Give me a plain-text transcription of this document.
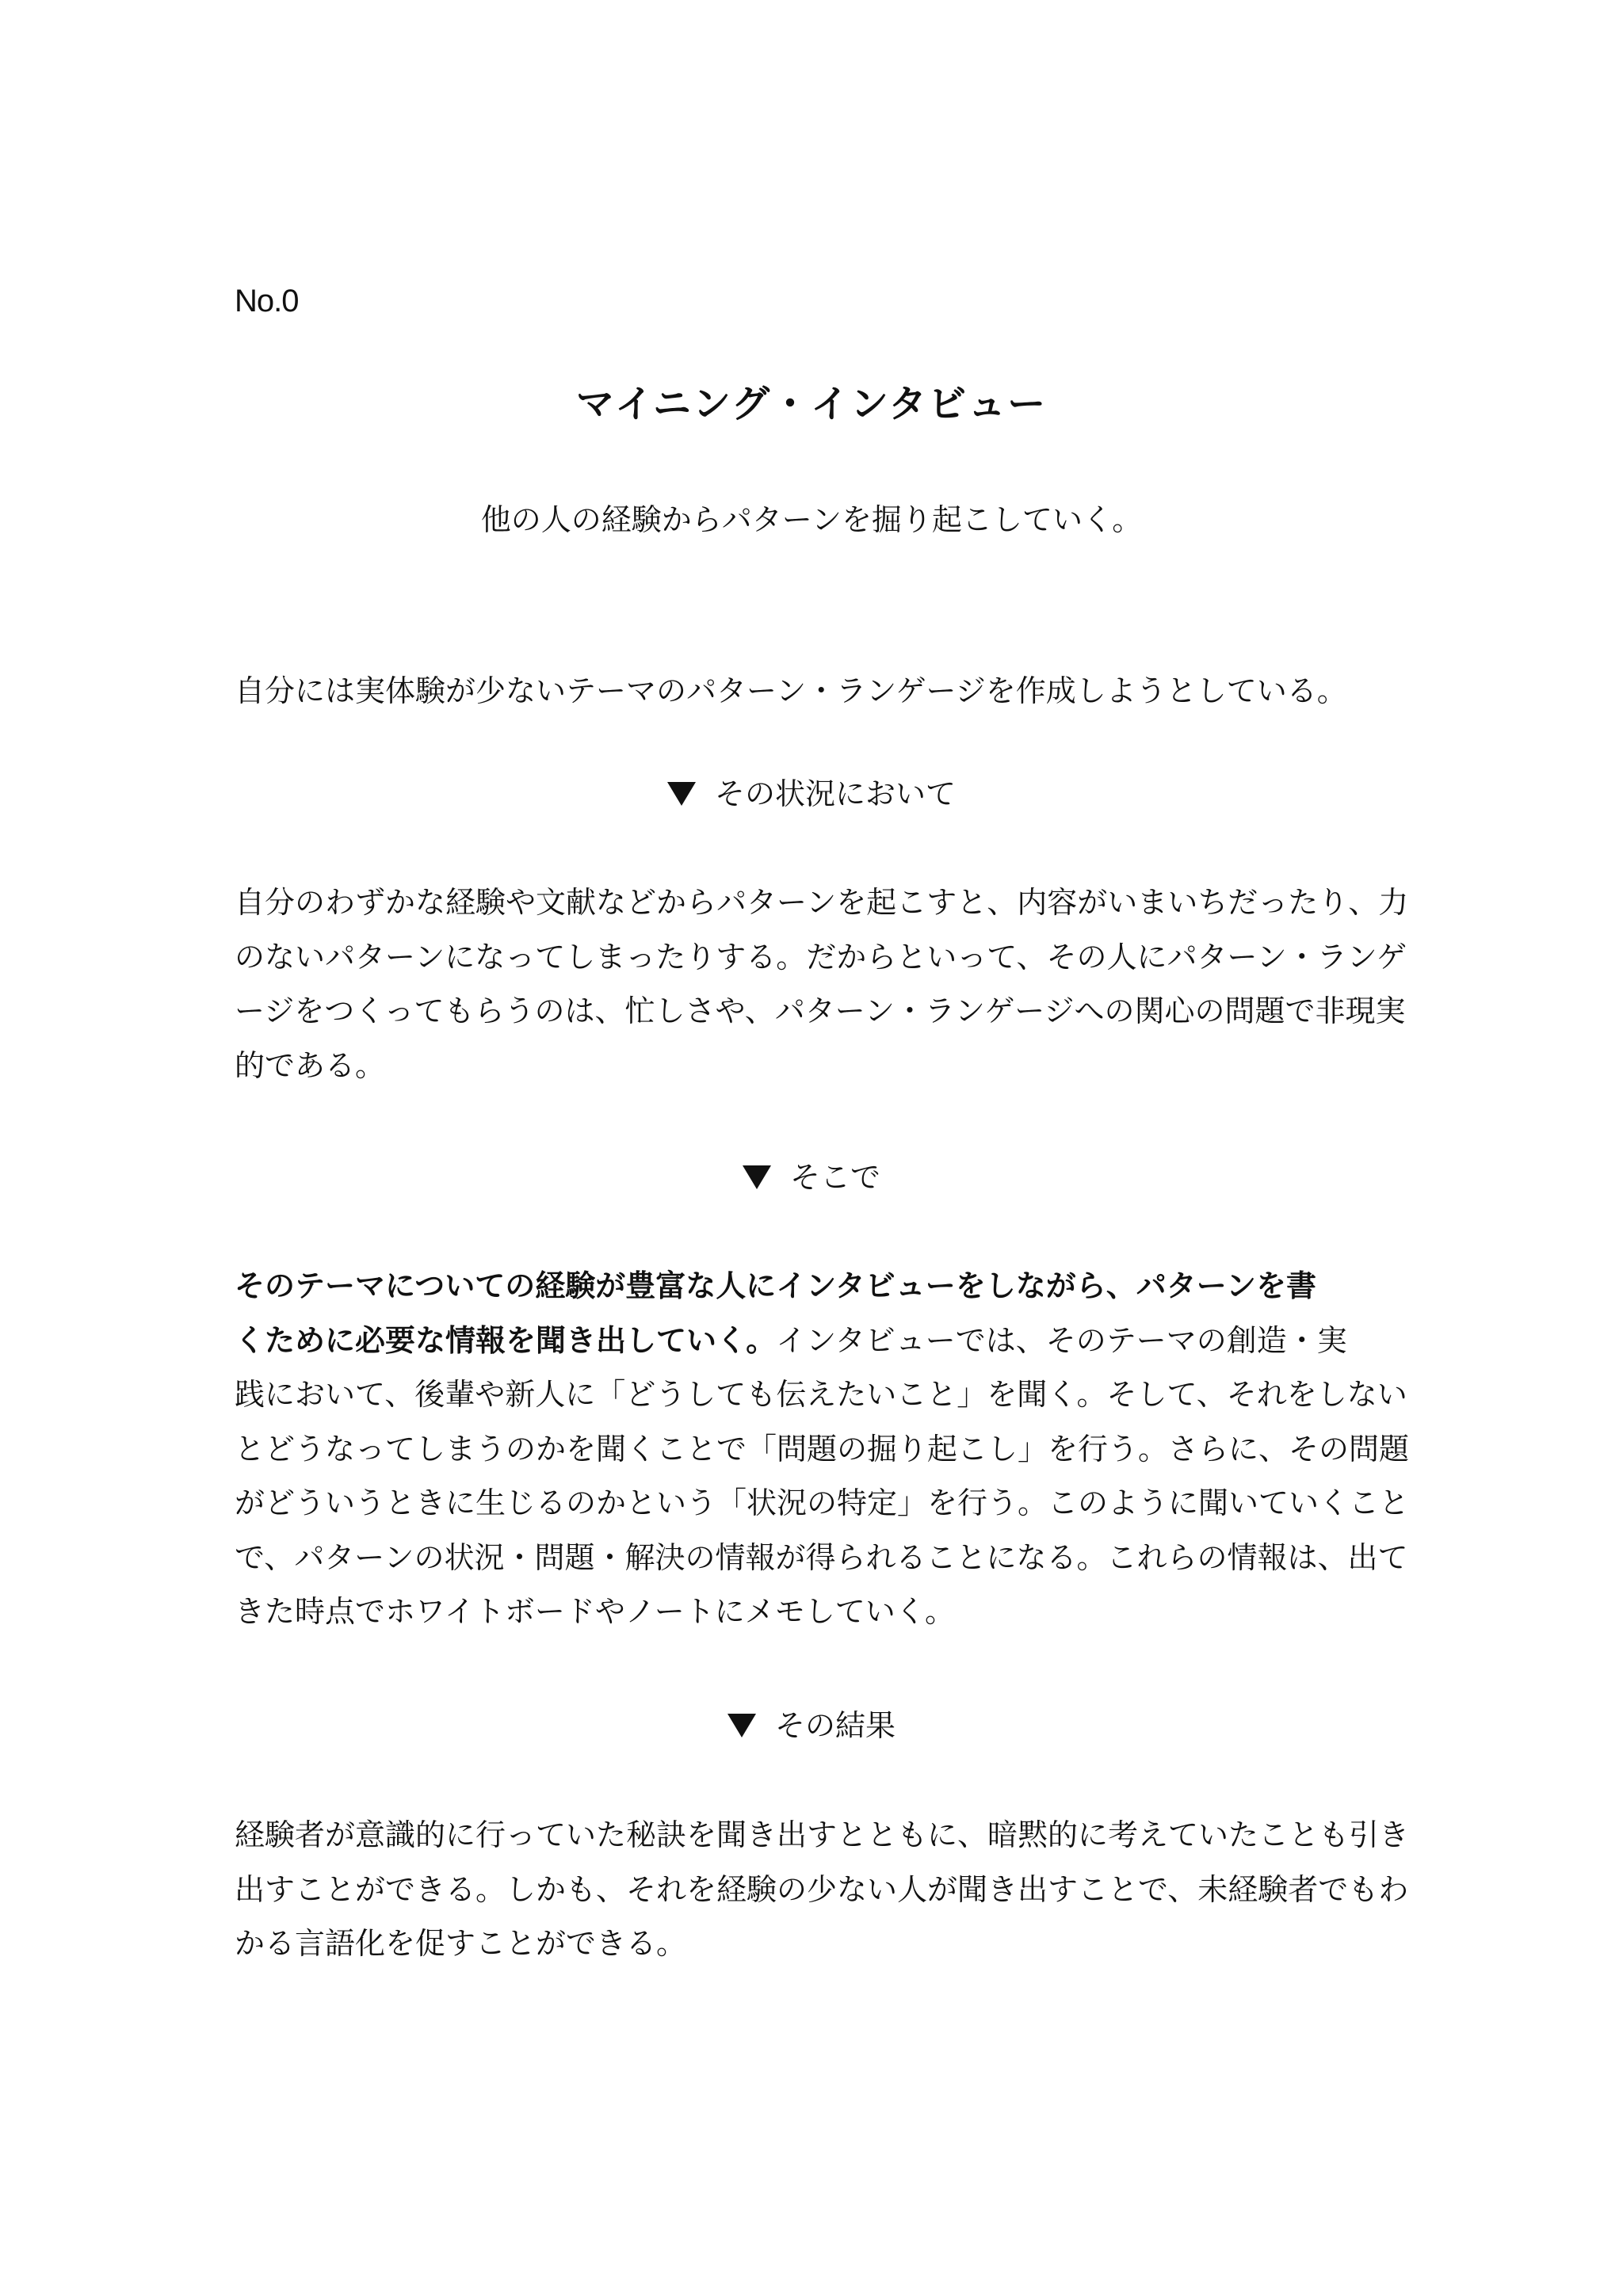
No.0
マイニング・インタビュー
他の人の経験からパターンを掘り起こしていく。
自分には実体験が少ないテーマのパターン・ランゲージを作成しようとしている。
その状況において
自分のわずかな経験や文献などからパターンを起こすと、内容がいまいちだったり、力
のないパターンになってしまったりする。だからといって、その人にパターン・ランゲ
ージをつくってもらうのは、忙しさや、パターン・ランゲージへの関心の問題で非現実
的である。
そこで
そのテーマについての経験が豊富な人にインタビューをしながら、パターンを書
くために必要な情報を聞き出していく。インタビューでは、そのテーマの創造・実
践において、後輩や新人に「どうしても伝えたいこと」を聞く。そして、それをしない
とどうなってしまうのかを聞くことで「問題の掘り起こし」を行う。さらに、その問題
がどういうときに生じるのかという「状況の特定」を行う。このように聞いていくこと
で、パターンの状況・問題・解決の情報が得られることになる。これらの情報は、出て
きた時点でホワイトボードやノートにメモしていく。
その結果
経験者が意識的に行っていた秘訣を聞き出すとともに、暗黙的に考えていたことも引き
出すことができる。しかも、それを経験の少ない人が聞き出すことで、未経験者でもわ
かる言語化を促すことができる。
